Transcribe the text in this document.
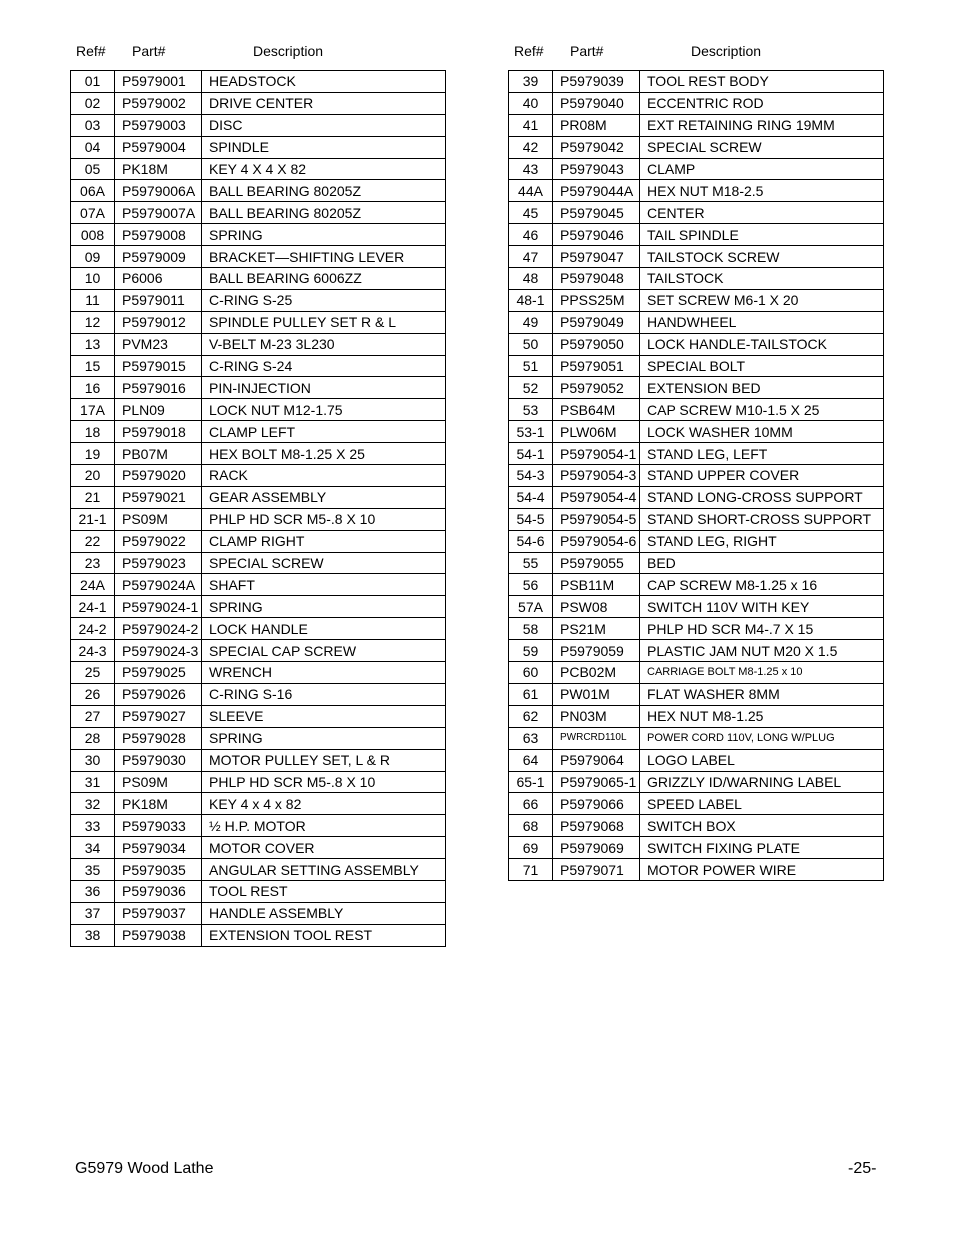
Ref# Part#	Description
01	P5979001	HEADSTOCK
02	P5979002	DRIVE CENTER
03	P5979003	DISC
04	P5979004	SPINDLE
05	PK18M	KEY 4 X 4 X 82
06A	P5979006A	BALL BEARING 80205Z
07A	P5979007A	BALL BEARING 80205Z
008	P5979008	SPRING
09	P5979009	BRACKET—SHIFTING LEVER
10	P6006	BALL BEARING 6006ZZ
11	P5979011	C-RING S-25
12	P5979012	SPINDLE PULLEY SET R & L
13	PVM23	V-BELT M-23 3L230
15	P5979015	C-RING S-24
16	P5979016	PIN-INJECTION
17A	PLN09	LOCK NUT M12-1.75
18	P5979018	CLAMP LEFT
19	PB07M	HEX BOLT M8-1.25 X 25
20	P5979020	RACK
21	P5979021	GEAR ASSEMBLY
21-1	PS09M	PHLP HD SCR M5-.8 X 10
22	P5979022	CLAMP RIGHT
23	P5979023	SPECIAL SCREW
24A	P5979024A	SHAFT
24-1	P5979024-1	SPRING
24-2	P5979024-2	LOCK HANDLE
24-3	P5979024-3	SPECIAL CAP SCREW
25	P5979025	WRENCH
26	P5979026	C-RING S-16
27	P5979027	SLEEVE
28	P5979028	SPRING
30	P5979030	MOTOR PULLEY SET, L & R
31	PS09M	PHLP HD SCR M5-.8 X 10
32	PK18M	KEY 4 x 4 x 82
33	P5979033	½ H.P. MOTOR
34	P5979034	MOTOR COVER
35	P5979035	ANGULAR SETTING ASSEMBLY
36	P5979036	TOOL REST
37	P5979037	HANDLE ASSEMBLY
38	P5979038	EXTENSION TOOL REST
Ref# Part#	Description
39	P5979039	TOOL REST BODY
40	P5979040	ECCENTRIC ROD
41	PR08M	EXT RETAINING RING 19MM
42	P5979042	SPECIAL SCREW
43	P5979043	CLAMP
44A	P5979044A	HEX NUT M18-2.5
45	P5979045	CENTER
46	P5979046	TAIL SPINDLE
47	P5979047	TAILSTOCK SCREW
48	P5979048	TAILSTOCK
48-1	PPSS25M	SET SCREW M6-1 X 20
49	P5979049	HANDWHEEL
50	P5979050	LOCK HANDLE-TAILSTOCK
51	P5979051	SPECIAL BOLT
52	P5979052	EXTENSION BED
53	PSB64M	CAP SCREW M10-1.5 X 25
53-1	PLW06M	LOCK WASHER 10MM
54-1	P5979054-1	STAND LEG, LEFT
54-3	P5979054-3	STAND UPPER COVER
54-4	P5979054-4	STAND LONG-CROSS SUPPORT
54-5	P5979054-5	STAND SHORT-CROSS SUPPORT
54-6	P5979054-6	STAND LEG, RIGHT
55	P5979055	BED
56	PSB11M	CAP SCREW M8-1.25 x 16
57A	PSW08	SWITCH 110V WITH KEY
58	PS21M	PHLP HD SCR M4-.7 X 15
59	P5979059	PLASTIC JAM NUT M20 X 1.5
60	PCB02M	CARRIAGE BOLT M8-1.25 x 10
61	PW01M	FLAT WASHER 8MM
62	PN03M	HEX NUT M8-1.25
63	PWRCRD110L	POWER CORD 110V, LONG W/PLUG
64	P5979064	LOGO LABEL
65-1	P5979065-1	GRIZZLY ID/WARNING LABEL
66	P5979066	SPEED LABEL
68	P5979068	SWITCH BOX
69	P5979069	SWITCH FIXING PLATE
71	P5979071	MOTOR POWER WIRE
G5979 Wood Lathe	-25-
